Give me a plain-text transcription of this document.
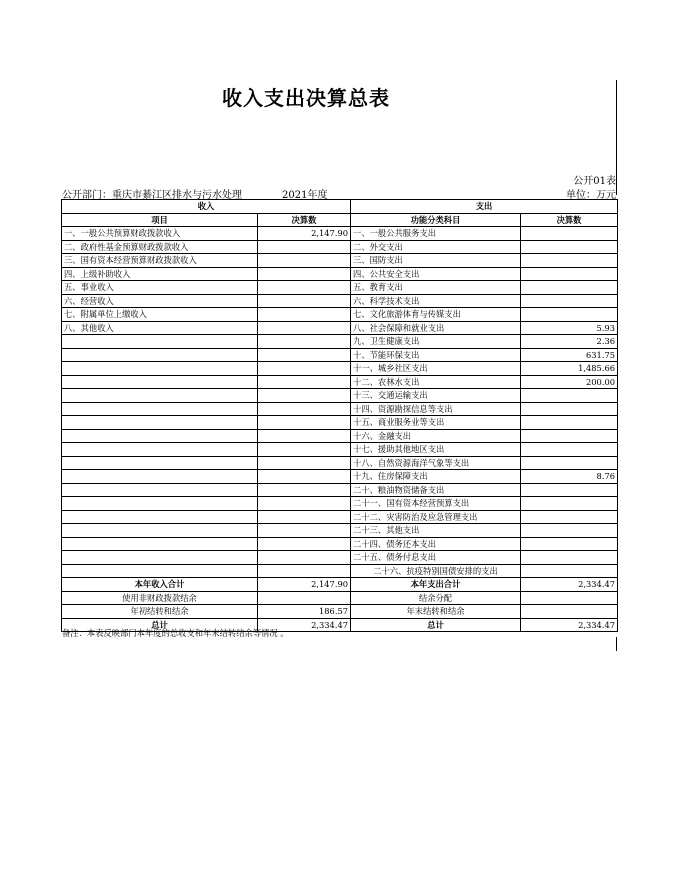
收入支出决算总表
公开01表
公开部门：重庆市綦江区排水与污水处理	2021年度	单位：万元
收入		支出	
项目	决算数	功能分类科目	决算数
一、一般公共预算财政拨款收入	2,147.90	一、一般公共服务支出	
二、政府性基金预算财政拨款收入		二、外交支出	
三、国有资本经营预算财政拨款收入		三、国防支出	
四、上级补助收入		四、公共安全支出	
五、事业收入		五、教育支出	
六、经营收入		六、科学技术支出	
七、附属单位上缴收入		七、文化旅游体育与传媒支出	
八、其他收入		八、社会保障和就业支出	5.93
		九、卫生健康支出	2.36
		十、节能环保支出	631.75
		十一、城乡社区支出	1,485.66
		十二、农林水支出	200.00
		十三、交通运输支出	
		十四、资源勘探信息等支出	
		十五、商业服务业等支出	
		十六、金融支出	
		十七、援助其他地区支出	
		十八、自然资源海洋气象等支出	
		十九、住房保障支出	8.76
		二十、粮油物资储备支出	
		二十一、国有资本经营预算支出	
		二十二、灾害防治及应急管理支出	
		二十三、其他支出	
		二十四、债务还本支出	
		二十五、债务付息支出	
		二十六、抗疫特别国债安排的支出	
本年收入合计	2,147.90	本年支出合计	2,334.47
使用非财政拨款结余		结余分配	
年初结转和结余	186.57	年末结转和结余	
总计	2,334.47	总计	2,334.47
备注：本表反映部门本年度的总收支和年末结转结余等情况 。
